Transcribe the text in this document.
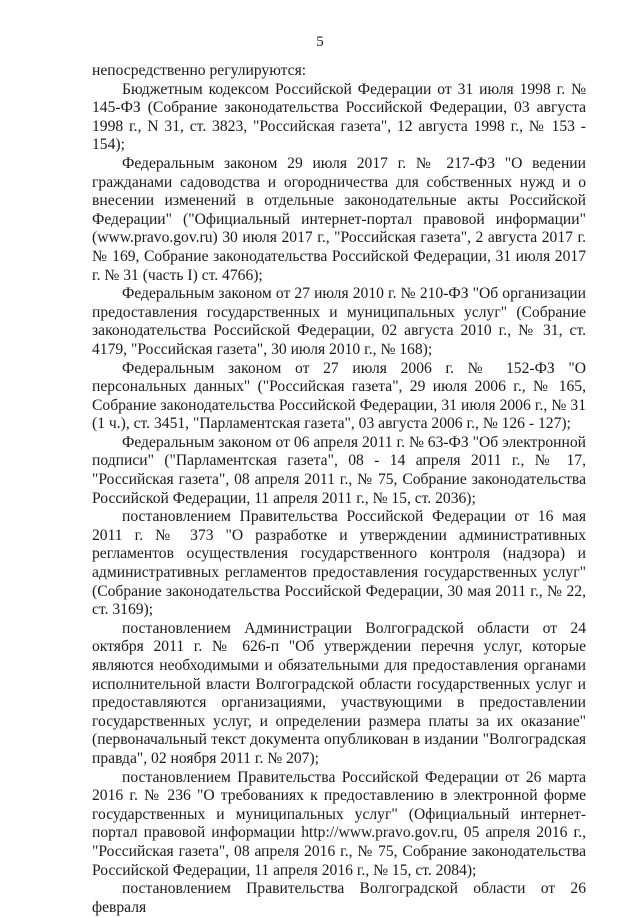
5

непосредственно регулируются:

Бюджетным кодексом Российской Федерации от 31 июля 1998 г. № 145-ФЗ (Собрание законодательства Российской Федерации, 03 августа 1998 г., N 31, ст. 3823, "Российская газета", 12 августа 1998 г., № 153 - 154);

Федеральным законом 29 июля 2017 г. № 217-ФЗ "О ведении гражданами садоводства и огородничества для собственных нужд и о внесении изменений в отдельные законодательные акты Российской Федерации" ("Официальный интернет-портал правовой информации" (www.pravo.gov.ru) 30 июля 2017 г., "Российская газета", 2 августа 2017 г. № 169, Собрание законодательства Российской Федерации, 31 июля 2017 г. № 31 (часть I) ст. 4766);

Федеральным законом от 27 июля 2010 г. № 210-ФЗ "Об организации предоставления государственных и муниципальных услуг" (Собрание законодательства Российской Федерации, 02 августа 2010 г., № 31, ст. 4179, "Российская газета", 30 июля 2010 г., № 168);

Федеральным законом от 27 июля 2006 г. № 152-ФЗ "О персональных данных" ("Российская газета", 29 июля 2006 г., № 165, Собрание законодательства Российской Федерации, 31 июля 2006 г., № 31 (1 ч.), ст. 3451, "Парламентская газета", 03 августа 2006 г., № 126 - 127);

Федеральным законом от 06 апреля 2011 г. № 63-ФЗ "Об электронной подписи" ("Парламентская газета", 08 - 14 апреля 2011 г., № 17, "Российская газета", 08 апреля 2011 г., № 75, Собрание законодательства Российской Федерации, 11 апреля 2011 г., № 15, ст. 2036);

постановлением Правительства Российской Федерации от 16 мая 2011 г. № 373 "О разработке и утверждении административных регламентов осуществления государственного контроля (надзора) и административных регламентов предоставления государственных услуг" (Собрание законодательства Российской Федерации, 30 мая 2011 г., № 22, ст. 3169);

постановлением Администрации Волгоградской области от 24 октября 2011 г. № 626-п "Об утверждении перечня услуг, которые являются необходимыми и обязательными для предоставления органами исполнительной власти Волгоградской области государственных услуг и предоставляются организациями, участвующими в предоставлении государственных услуг, и определении размера платы за их оказание" (первоначальный текст документа опубликован в издании "Волгоградская правда", 02 ноября 2011 г. № 207);

постановлением Правительства Российской Федерации от 26 марта 2016 г. № 236 "О требованиях к предоставлению в электронной форме государственных и муниципальных услуг" (Официальный интернет-портал правовой информации http://www.pravo.gov.ru, 05 апреля 2016 г., "Российская газета", 08 апреля 2016 г., № 75, Собрание законодательства Российской Федерации, 11 апреля 2016 г., № 15, ст. 2084);

постановлением Правительства Волгоградской области от 26 февраля
